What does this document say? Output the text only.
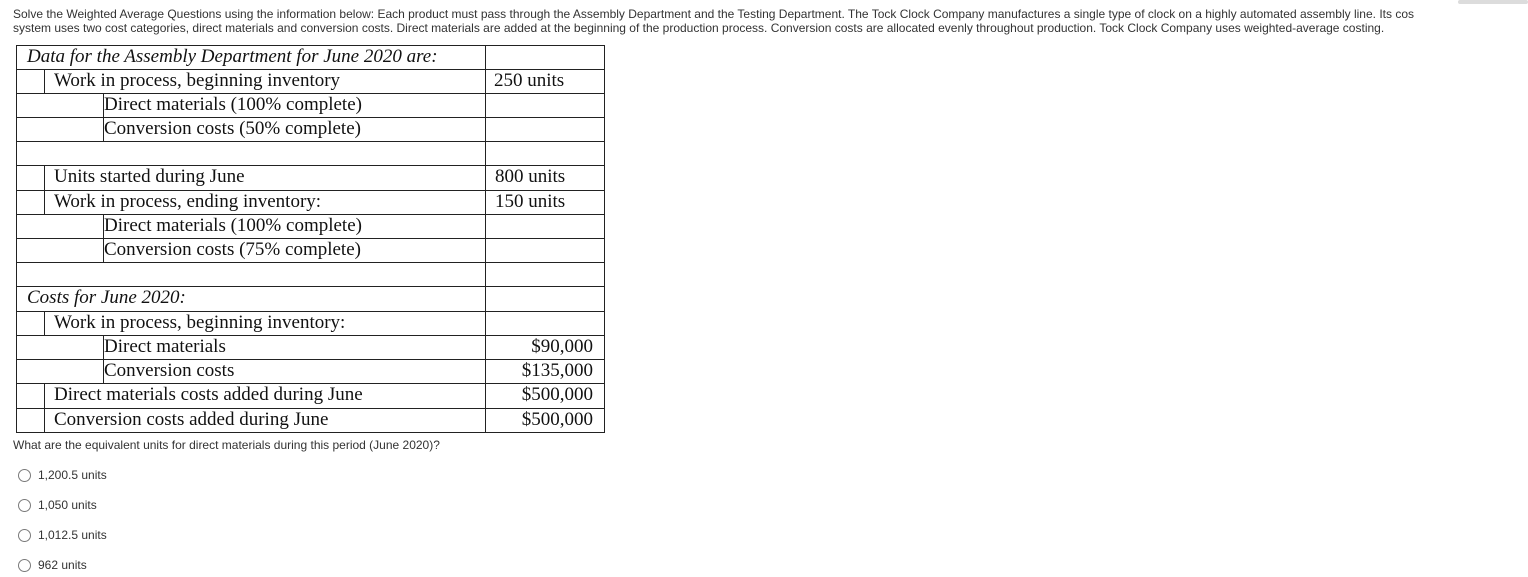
Solve the Weighted Average Questions using the information below: Each product must pass through the Assembly Department and the Testing Department. The Tock Clock Company manufactures a single type of clock on a highly automated assembly line. Its cos
system uses two cost categories, direct materials and conversion costs. Direct materials are added at the beginning of the production process. Conversion costs are allocated evenly throughout production. Tock Clock Company uses weighted-average costing.

Data for the Assembly Department for June 2020 are:
Work in process, beginning inventory	250 units
Direct materials (100% complete)
Conversion costs (50% complete)
Units started during June	800 units
Work in process, ending inventory:	150 units
Direct materials (100% complete)
Conversion costs (75% complete)
Costs for June 2020:
Work in process, beginning inventory:
Direct materials	$90,000
Conversion costs	$135,000
Direct materials costs added during June	$500,000
Conversion costs added during June	$500,000

What are the equivalent units for direct materials during this period (June 2020)?

1,200.5 units
1,050 units
1,012.5 units
962 units
